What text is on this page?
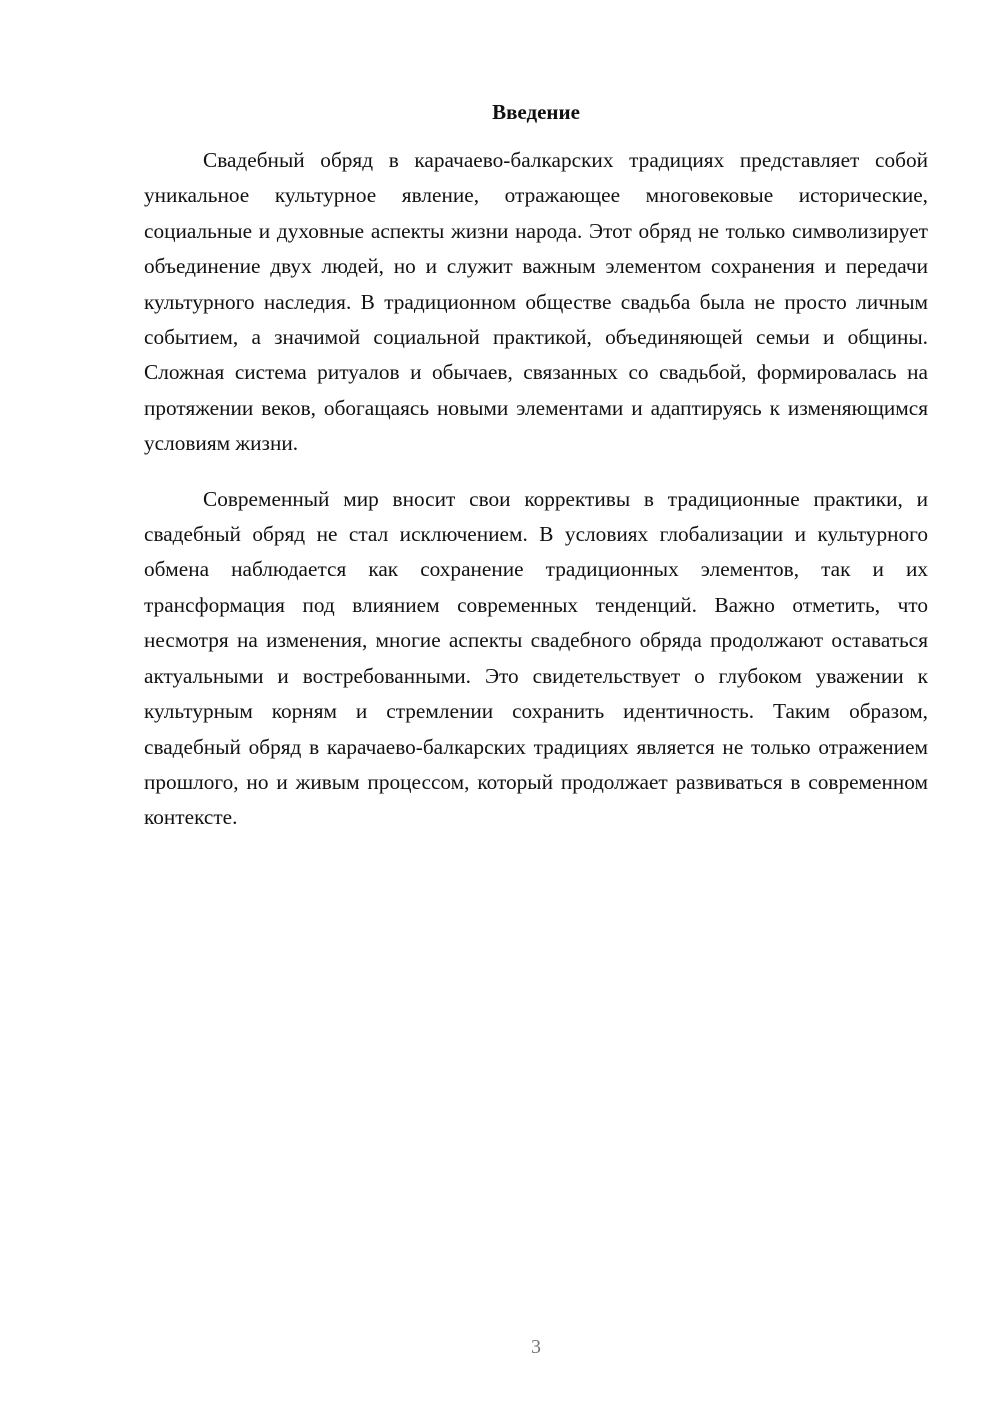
Введение

Свадебный обряд в карачаево-балкарских традициях представляет собой уникальное культурное явление, отражающее многовековые исторические, социальные и духовные аспекты жизни народа. Этот обряд не только символизирует объединение двух людей, но и служит важным элементом сохранения и передачи культурного наследия. В традиционном обществе свадьба была не просто личным событием, а значимой социальной практикой, объединяющей семьи и общины. Сложная система ритуалов и обычаев, связанных со свадьбой, формировалась на протяжении веков, обогащаясь новыми элементами и адаптируясь к изменяющимся условиям жизни.

Современный мир вносит свои коррективы в традиционные практики, и свадебный обряд не стал исключением. В условиях глобализации и культурного обмена наблюдается как сохранение традиционных элементов, так и их трансформация под влиянием современных тенденций. Важно отметить, что несмотря на изменения, многие аспекты свадебного обряда продолжают оставаться актуальными и востребованными. Это свидетельствует о глубоком уважении к культурным корням и стремлении сохранить идентичность. Таким образом, свадебный обряд в карачаево-балкарских традициях является не только отражением прошлого, но и живым процессом, который продолжает развиваться в современном контексте.

3
